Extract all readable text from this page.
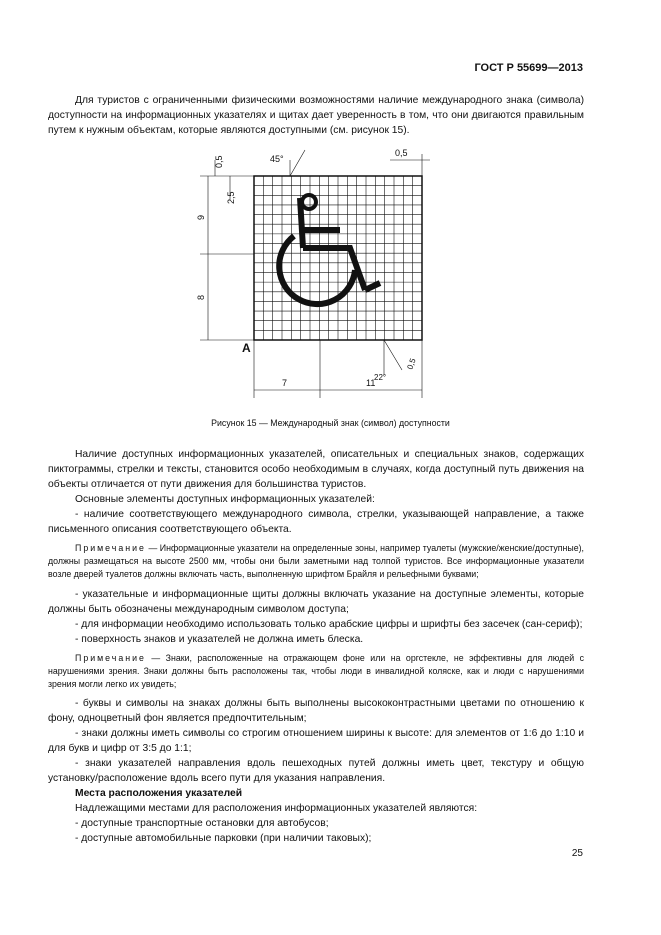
ГОСТ Р 55699—2013

Для туристов с ограниченными физическими возможностями наличие международного знака (символа) доступности на информационных указателях и щитах дает уверенность в том, что они двигаются правильным путем к нужным объектам, которые являются доступными (см. рисунок 15).

0,5
2,5
9
8
45°
0,5
А
7	11
22°
0,5
Рисунок 15 — Международный знак (символ) доступности

Наличие доступных информационных указателей, описательных и специальных знаков, содержащих пиктограммы, стрелки и тексты, становится особо необходимым в случаях, когда доступный путь движения на объекты отличается от пути движения для большинства туристов.

Основные элементы доступных информационных указателей:

- наличие соответствующего международного символа, стрелки, указывающей направление, а также письменного описания соответствующего объекта.

Примечание — Информационные указатели на определенные зоны, например туалеты (мужские/женские/доступные), должны размещаться на высоте 2500 мм, чтобы они были заметными над толпой туристов. Все информационные указатели возле дверей туалетов должны включать часть, выполненную шрифтом Брайля и рельефными буквами;

- указательные и информационные щиты должны включать указание на доступные элементы, которые должны быть обозначены международным символом доступа;

- для информации необходимо использовать только арабские цифры и шрифты без засечек (сан-сериф);

- поверхность знаков и указателей не должна иметь блеска.

Примечание — Знаки, расположенные на отражающем фоне или на оргстекле, не эффективны для людей с нарушениями зрения. Знаки должны быть расположены так, чтобы люди в инвалидной коляске, как и люди с нарушениями зрения могли легко их увидеть;

- буквы и символы на знаках должны быть выполнены высококонтрастными цветами по отношению к фону, одноцветный фон является предпочтительным;

- знаки должны иметь символы со строгим отношением ширины к высоте: для элементов от 1:6 до 1:10 и для букв и цифр от 3:5 до 1:1;

- знаки указателей направления вдоль пешеходных путей должны иметь цвет, текстуру и общую установку/расположение вдоль всего пути для указания направления.

Места расположения указателей

Надлежащими местами для расположения информационных указателей являются:

- доступные транспортные остановки для автобусов;

- доступные автомобильные парковки (при наличии таковых);

25
